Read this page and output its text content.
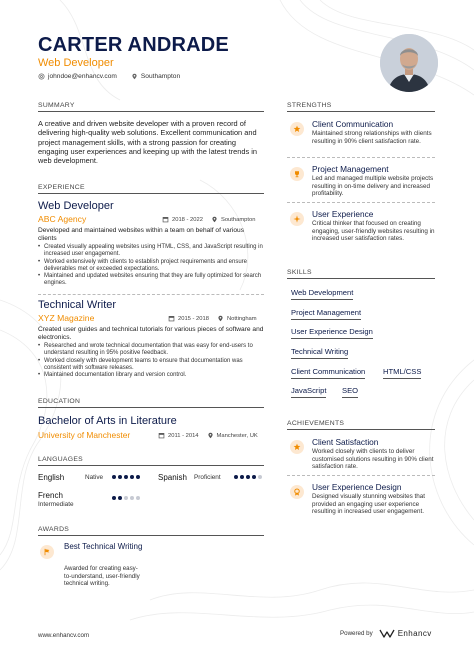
CARTER ANDRADE
Web Developer
johndoe@enhancv.com	Southampton
SUMMARY
A creative and driven website developer with a proven record of delivering high-quality web solutions. Excellent communication and project management skills, with a strong passion for creating engaging user experiences and keeping up with the latest trends in web development.
EXPERIENCE
Web Developer
ABC Agency	2018 - 2022	Southampton
Developed and maintained websites within a team on behalf of various clients
• Created visually appealing websites using HTML, CSS, and JavaScript resulting in increased user engagement.
• Worked extensively with clients to establish project requirements and ensure deliverables met or exceeded expectations.
• Maintained and updated websites ensuring that they are fully optimized for search engines.
Technical Writer
XYZ Magazine	2015 - 2018	Nottingham
Created user guides and technical tutorials for various pieces of software and electronics.
• Researched and wrote technical documentation that was easy for end-users to understand resulting in 95% positive feedback.
• Worked closely with development teams to ensure that documentation was consistent with software releases.
• Maintained documentation library and version control.
EDUCATION
Bachelor of Arts in Literature
University of Manchester	2011 - 2014	Manchester, UK
LANGUAGES
English	Native	Spanish Proficient
French
Intermediate
AWARDS
Best Technical Writing
Awarded for creating easy-to-understand, user-friendly technical writing.
STRENGTHS
Client Communication
Maintained strong relationships with clients resulting in 90% client satisfaction rate.
Project Management
Led and managed multiple website projects resulting in on-time delivery and increased profitability.
User Experience
Critical thinker that focused on creating engaging, user-friendly websites resulting in increased user satisfaction rates.
SKILLS
Web Development
Project Management
User Experience Design
Technical Writing
Client Communication HTML/CSS
JavaScript SEO
ACHIEVEMENTS
Client Satisfaction
Worked closely with clients to deliver customised solutions resulting in 90% client satisfaction rate.
User Experience Design
Designed visually stunning websites that provided an engaging user experience resulting in increased user engagement.
www.enhancv.com	Powered by	Enhancv
